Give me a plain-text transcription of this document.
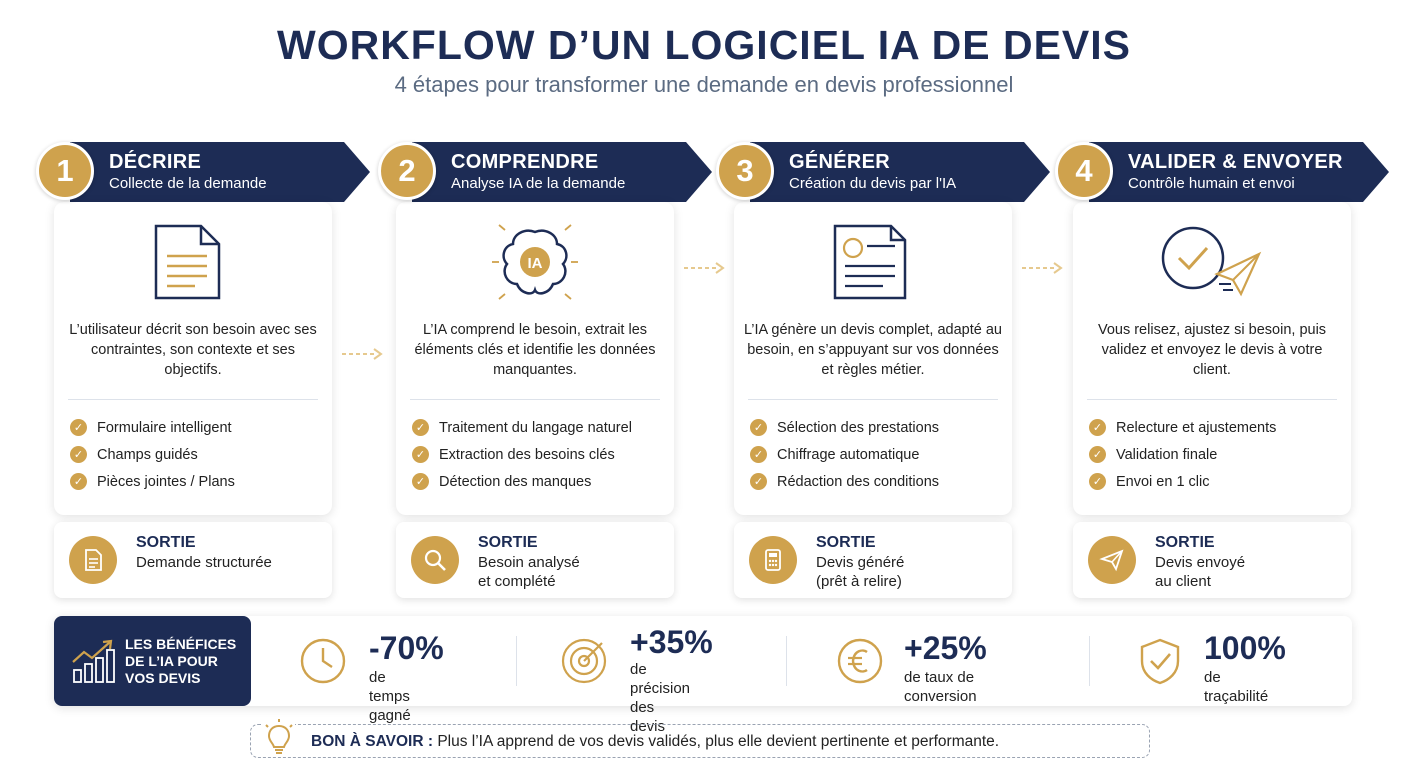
WORKFLOW D’UN LOGICIEL IA DE DEVIS
4 étapes pour transformer une demande en devis professionnel
1	DÉCRIRE
Collecte de la demande
L’utilisateur décrit son besoin avec ses contraintes, son contexte et ses objectifs.
✓ Formulaire intelligent
✓ Champs guidés
✓ Pièces jointes / Plans
SORTIE
Demande structurée
2	COMPRENDRE
Analyse IA de la demande
IA
L’IA comprend le besoin, extrait les éléments clés et identifie les données manquantes.
✓ Traitement du langage naturel
✓ Extraction des besoins clés
✓ Détection des manques
SORTIE
Besoin analysé
et complété
3	GÉNÉRER
Création du devis par l'IA
L’IA génère un devis complet, adapté au besoin, en s’appuyant sur vos données et règles métier.
✓ Sélection des prestations
✓ Chiffrage automatique
✓ Rédaction des conditions
SORTIE
Devis généré
(prêt à relire)
4	VALIDER & ENVOYER
Contrôle humain et envoi
Vous relisez, ajustez si besoin, puis validez et envoyez le devis à votre client.
✓ Relecture et ajustements
✓ Validation finale
✓ Envoi en 1 clic
SORTIE
Devis envoyé
au client
LES BÉNÉFICES
DE L’IA POUR
VOS DEVIS
-70%
de temps gagné
+35%
de précision
des devis
+25%
de taux de conversion
100%
de traçabilité
BON À SAVOIR : Plus l’IA apprend de vos devis validés, plus elle devient pertinente et performante.
